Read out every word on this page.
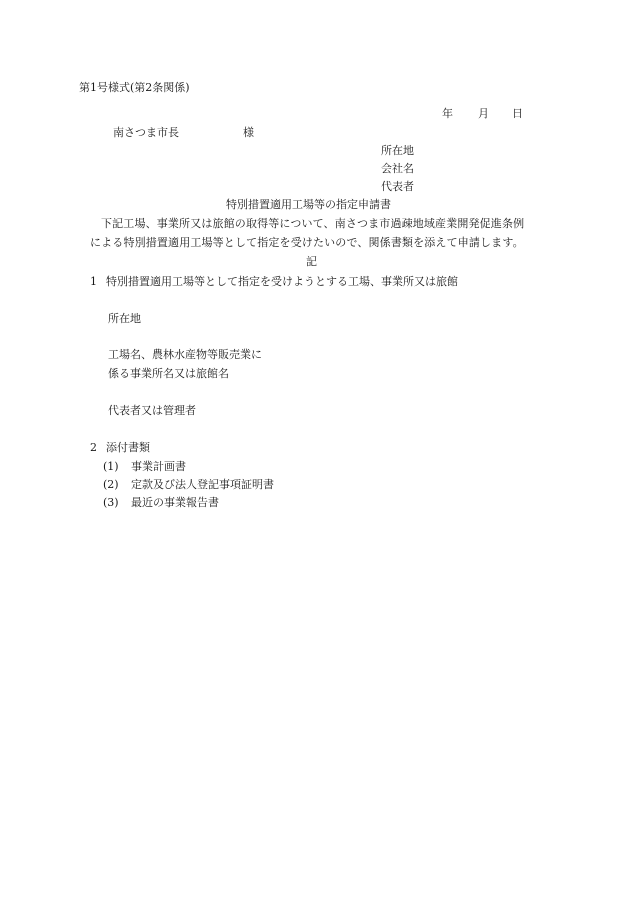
第1号様式(第2条関係)
年 月 日
南さつま市長	様
所在地
会社名
代表者
特別措置適用工場等の指定申請書
下記工場、事業所又は旅館の取得等について、南さつま市過疎地域産業開発促進条例
による特別措置適用工場等として指定を受けたいので、関係書類を添えて申請します。
記
1 特別措置適用工場等として指定を受けようとする工場、事業所又は旅館
所在地
工場名、農林水産物等販売業に
係る事業所名又は旅館名
代表者又は管理者
2 添付書類
(1) 事業計画書
(2) 定款及び法人登記事項証明書
(3) 最近の事業報告書
